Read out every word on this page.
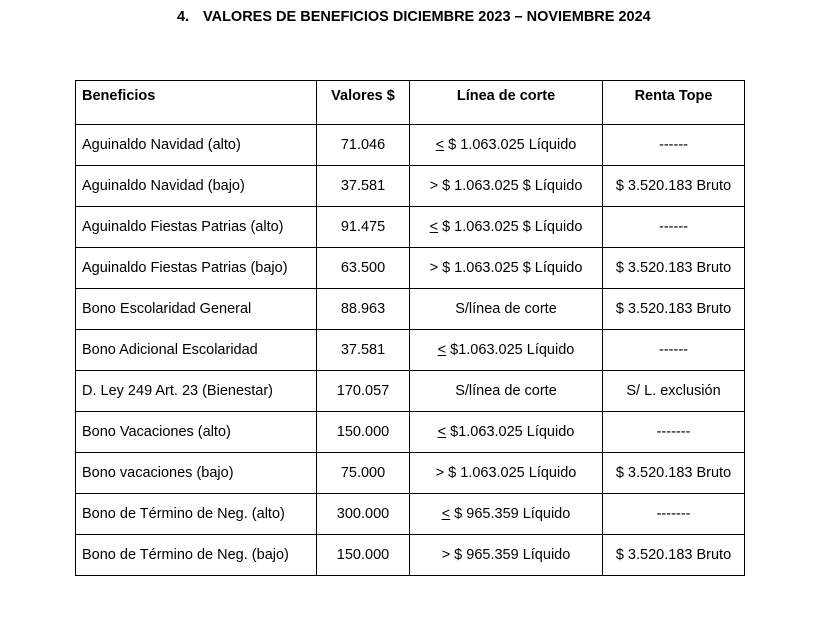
4. VALORES DE BENEFICIOS DICIEMBRE 2023 – NOVIEMBRE 2024
Beneficios	Valores $	Línea de corte	Renta Tope
Aguinaldo Navidad (alto)	71.046	< $ 1.063.025 Líquido	------
Aguinaldo Navidad (bajo)	37.581	> $ 1.063.025 $ Líquido	$ 3.520.183 Bruto
Aguinaldo Fiestas Patrias (alto)	91.475	< $ 1.063.025 $ Líquido	------
Aguinaldo Fiestas Patrias (bajo)	63.500	> $ 1.063.025 $ Líquido	$ 3.520.183 Bruto
Bono Escolaridad General	88.963	S/línea de corte	$ 3.520.183 Bruto
Bono Adicional Escolaridad	37.581	≤ $1.063.025 Líquido	------
D. Ley 249 Art. 23 (Bienestar)	170.057	S/línea de corte	S/ L. exclusión
Bono Vacaciones (alto)	150.000	≤ $1.063.025 Líquido	-------
Bono vacaciones (bajo)	75.000	> $ 1.063.025 Líquido	$ 3.520.183 Bruto
Bono de Término de Neg. (alto)	300.000	< $ 965.359 Líquido	-------
Bono de Término de Neg. (bajo)	150.000	> $ 965.359 Líquido	$ 3.520.183 Bruto
